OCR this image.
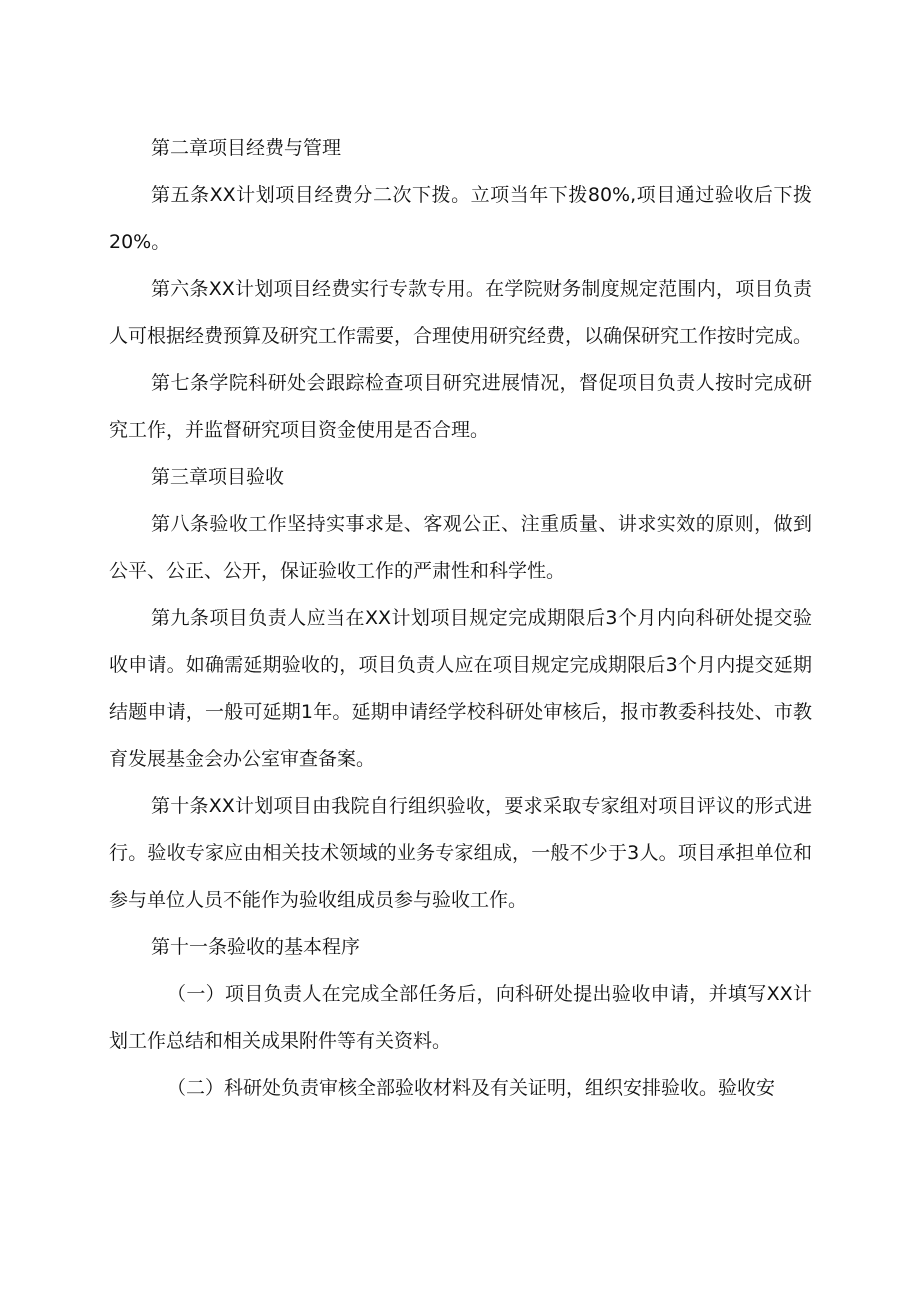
第二章项目经费与管理

第五条XX计划项目经费分二次下拨。立项当年下拨80%,项目通过验收后下拨20%。

第六条XX计划项目经费实行专款专用。在学院财务制度规定范围内，项目负责人可根据经费预算及研究工作需要，合理使用研究经费，以确保研究工作按时完成。

第七条学院科研处会跟踪检查项目研究进展情况，督促项目负责人按时完成研究工作，并监督研究项目资金使用是否合理。

第三章项目验收

第八条验收工作坚持实事求是、客观公正、注重质量、讲求实效的原则，做到公平、公正、公开，保证验收工作的严肃性和科学性。

第九条项目负责人应当在XX计划项目规定完成期限后3个月内向科研处提交验收申请。如确需延期验收的，项目负责人应在项目规定完成期限后3个月内提交延期结题申请，一般可延期1年。延期申请经学校科研处审核后，报市教委科技处、市教育发展基金会办公室审查备案。

第十条XX计划项目由我院自行组织验收，要求采取专家组对项目评议的形式进行。验收专家应由相关技术领域的业务专家组成，一般不少于3人。项目承担单位和参与单位人员不能作为验收组成员参与验收工作。

第十一条验收的基本程序

（一）项目负责人在完成全部任务后，向科研处提出验收申请，并填写XX计划工作总结和相关成果附件等有关资料。

（二）科研处负责审核全部验收材料及有关证明，组织安排验收。验收安
